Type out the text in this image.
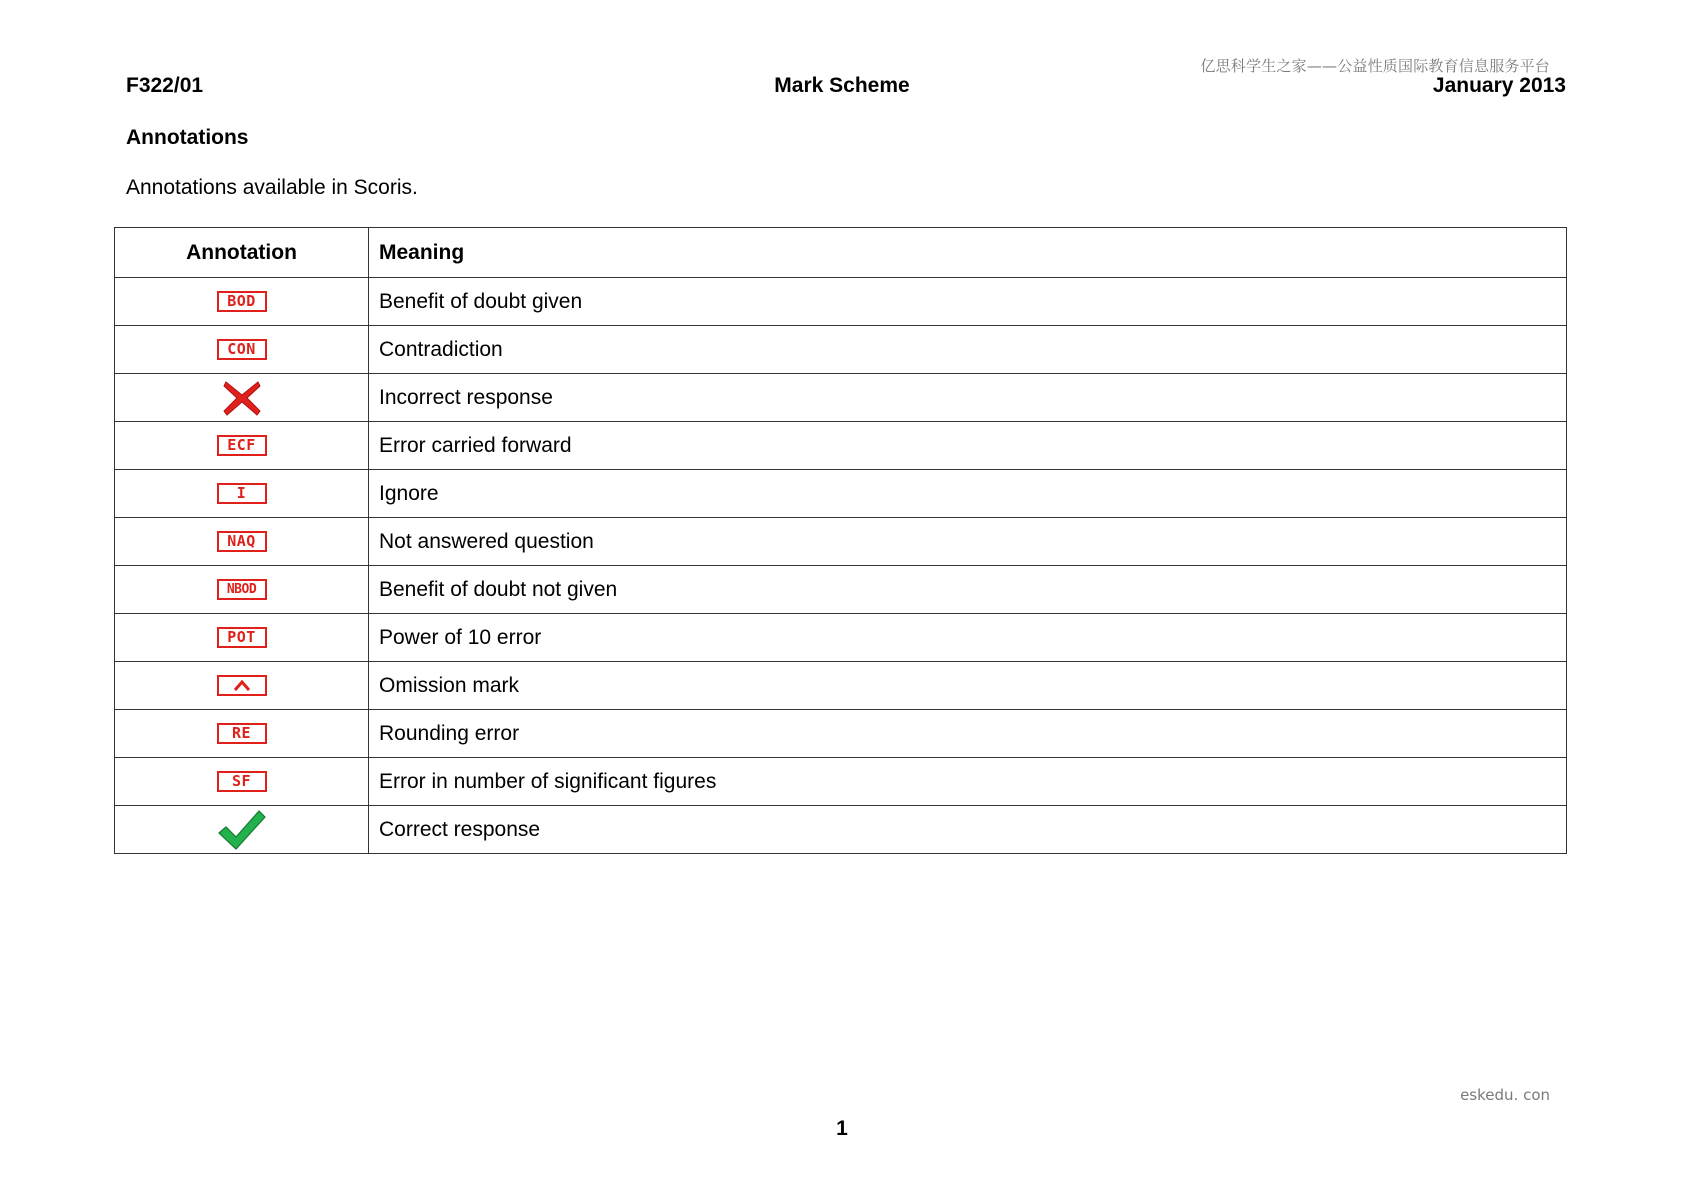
亿思科学生之家——公益性质国际教育信息服务平台
F322/01	Mark Scheme	January 2013
Annotations
Annotations available in Scoris.
Annotation	Meaning
BOD	Benefit of doubt given
CON	Contradiction
	Incorrect response
ECF	Error carried forward
I	Ignore
NAQ	Not answered question
NBOD	Benefit of doubt not given
POT	Power of 10 error

	Omission mark
RE	Rounding error
SF	Error in number of significant figures
	Correct response
eskedu. con
1
